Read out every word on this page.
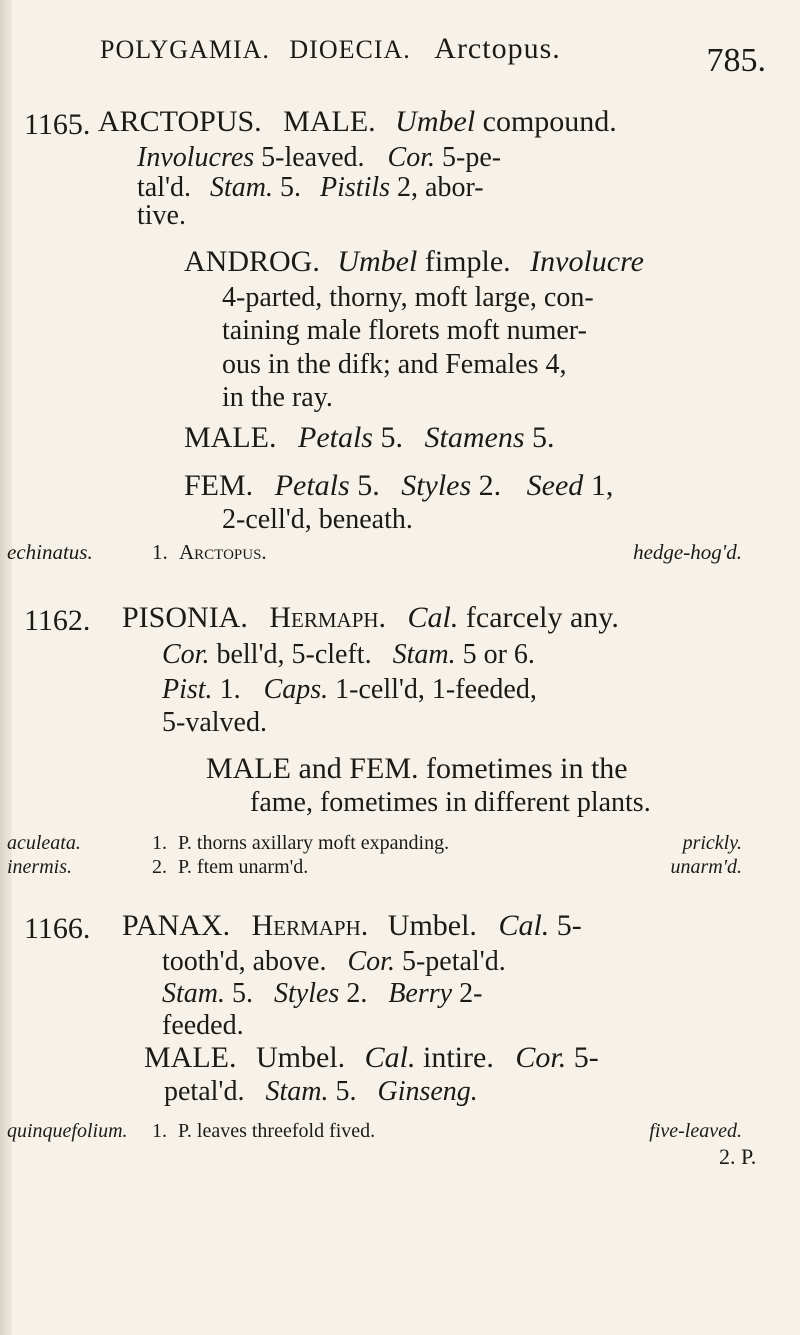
POLYGAMIA. DIOECIA. Arctopus.	785.
1165. ARCTOPUS. MALE. Umbel compound.
Involucres 5-leaved. Cor. 5-pe-
tal'd. Stam. 5. Pistils 2, abor-
tive.
ANDROG. Umbel fimple. Involucre
4-parted, thorny, moft large, con-
taining male florets moft numer-
ous in the difk; and Females 4,
in the ray.
MALE. Petals 5. Stamens 5.
FEM. Petals 5. Styles 2. Seed 1,
2-cell'd, beneath.
echinatus.	1. Arctopus.	hedge-hog'd.
1162. PISONIA. Hermaph. Cal. fcarcely any.
Cor. bell'd, 5-cleft. Stam. 5 or 6.
Pist. 1. Caps. 1-cell'd, 1-feeded,
5-valved.
MALE and FEM. fometimes in the
fame, fometimes in different plants.
aculeata.	1. P. thorns axillary moft expanding.	prickly.
inermis.	2. P. ftem unarm'd.	unarm'd.
1166. PANAX. Hermaph. Umbel. Cal. 5-
tooth'd, above. Cor. 5-petal'd.
Stam. 5. Styles 2. Berry 2-
feeded.
MALE. Umbel. Cal. intire. Cor. 5-
petal'd. Stam. 5. Ginseng.
quinquefolium. 1. P. leaves threefold fived.	five-leaved.
2. P.
